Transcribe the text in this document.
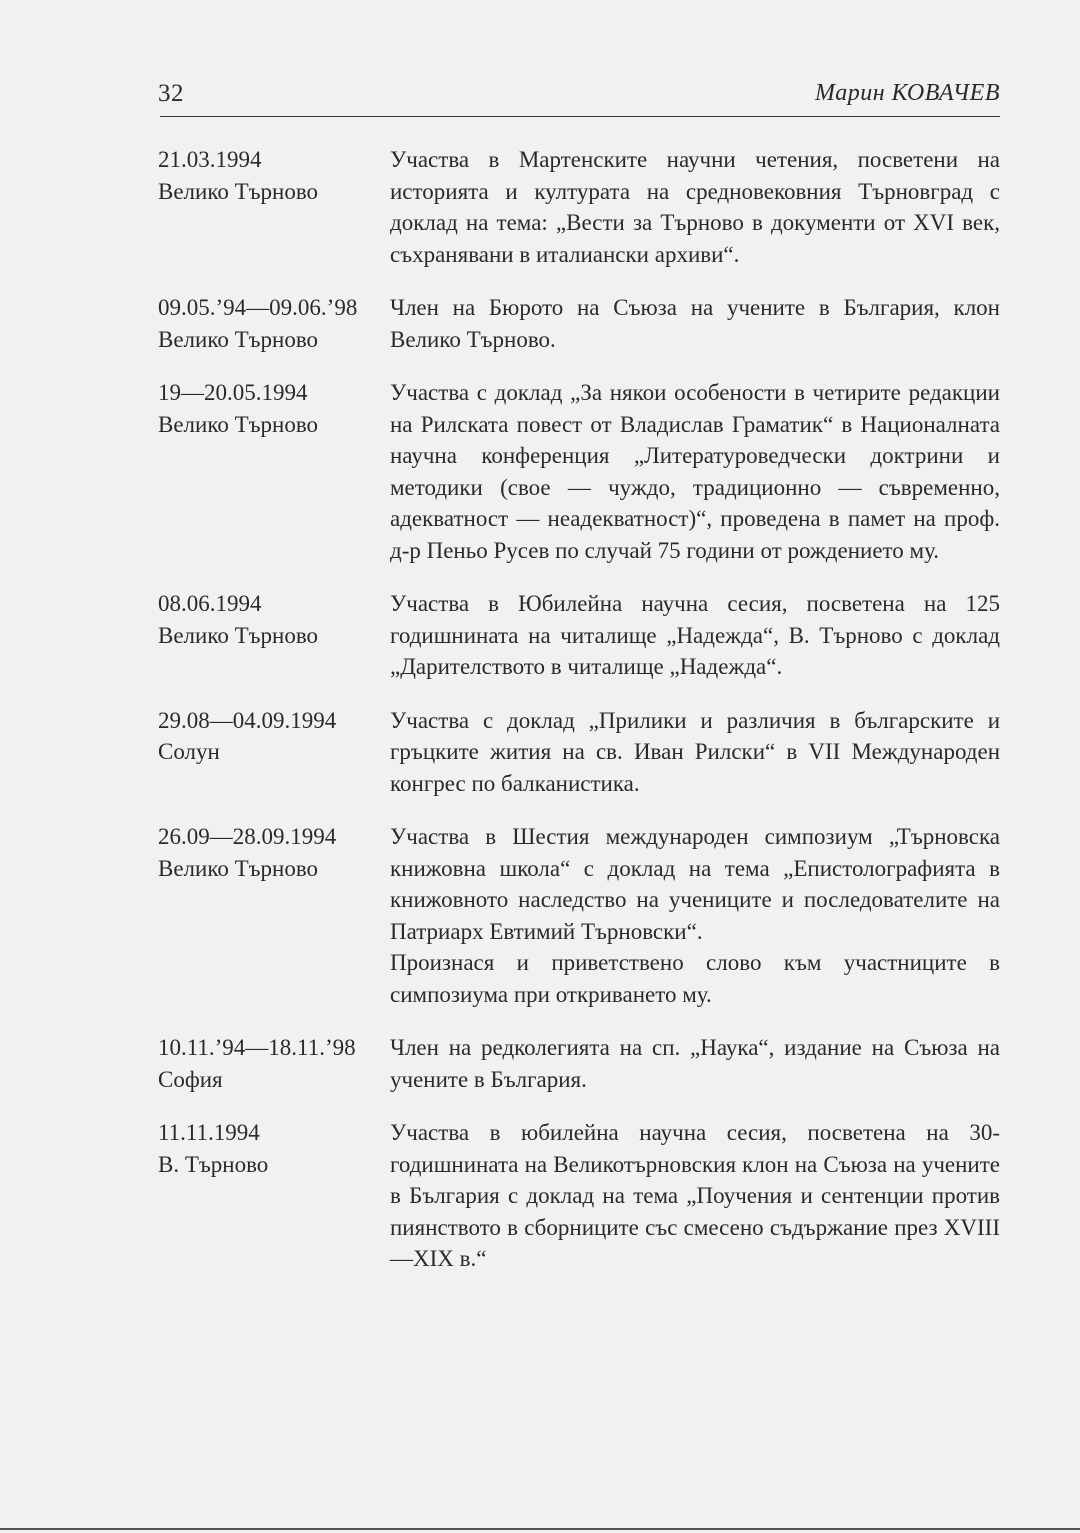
32	Марин КОВАЧЕВ
21.03.1994
Велико Търново

Участва в Мартенските научни четения, посветени на историята и културата на средновековния Търновград с доклад на тема: „Вести за Търново в документи от XVI век, съхранявани в италиански архиви“.

09.05.’94—09.06.’98
Велико Търново

Член на Бюрото на Съюза на учените в България, клон Велико Търново.

19—20.05.1994
Велико Търново

Участва с доклад „За някои особености в четирите редакции на Рилската повест от Владислав Граматик“ в Националната научна конференция „Литературоведчески доктрини и методики (свое — чуждо, традиционно — съвременно, адекватност — неадекватност)“, проведена в памет на проф. д-р Пеньо Русев по случай 75 години от рождението му.

08.06.1994
Велико Търново

Участва в Юбилейна научна сесия, посветена на 125 годишнината на читалище „Надежда“, В. Търново с доклад „Дарителството в читалище „Надежда“.

29.08—04.09.1994
Солун

Участва с доклад „Прилики и различия в българските и гръцките жития на св. Иван Рилски“ в VII Международен конгрес по балканистика.

26.09—28.09.1994
Велико Търново

Участва в Шестия международен симпозиум „Търновска книжовна школа“ с доклад на тема „Епистолографията в книжовното наследство на учениците и последователите на Патриарх Евтимий Търновски“.

Произнася и приветствено слово към участниците в симпозиума при откриването му.

10.11.’94—18.11.’98
София

Член на редколегията на сп. „Наука“, издание на Съюза на учените в България.

11.11.1994
В. Търново

Участва в юбилейна научна сесия, посветена на 30-годишнината на Великотърновския клон на Съюза на учените в България с доклад на тема „Поучения и сентенции против пиянството в сборниците със смесено съдържание през XVIII—XIX в.“
